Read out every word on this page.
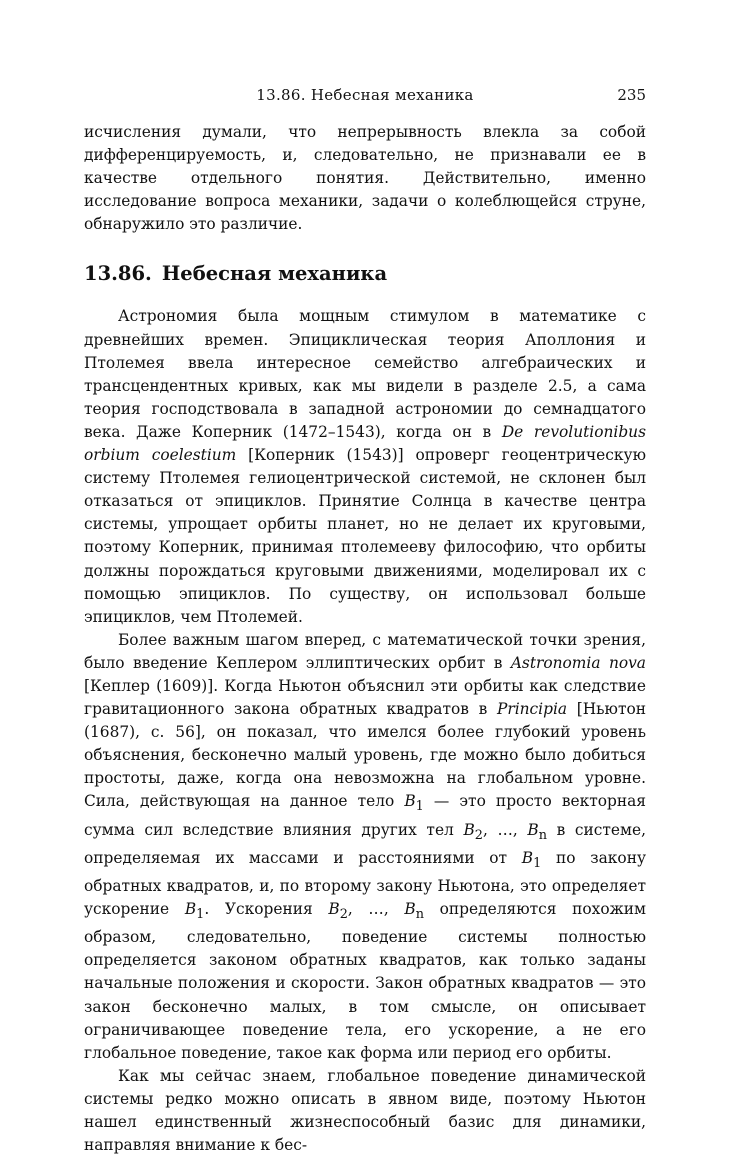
13.86. Небесная механика	235

исчисления думали, что непрерывность влекла за собой дифференцируемость, и, следовательно, не признавали ее в качестве отдельного понятия. Действительно, именно исследование вопроса механики, задачи о колеблющейся струне, обнаружило это различие.

13.86. Небесная механика

Астрономия была мощным стимулом в математике с древнейших времен. Эпициклическая теория Аполлония и Птолемея ввела интересное семейство алгебраических и трансцендентных кривых, как мы видели в разделе 2.5, а сама теория господствовала в западной астрономии до семнадцатого века. Даже Коперник (1472–1543), когда он в De revolutionibus orbium coelestium [Коперник (1543)] опроверг геоцентрическую систему Птолемея гелиоцентрической системой, не склонен был отказаться от эпициклов. Принятие Солнца в качестве центра системы, упрощает орбиты планет, но не делает их круговыми, поэтому Коперник, принимая птолемееву философию, что орбиты должны порождаться круговыми движениями, моделировал их с помощью эпициклов. По существу, он использовал больше эпициклов, чем Птолемей.

Более важным шагом вперед, с математической точки зрения, было введение Кеплером эллиптических орбит в Astronomia nova [Кеплер (1609)]. Когда Ньютон объяснил эти орбиты как следствие гравитационного закона обратных квадратов в Principia [Ньютон (1687), с. 56], он показал, что имелся более глубокий уровень объяснения, бесконечно малый уровень, где можно было добиться простоты, даже, когда она невозможна на глобальном уровне. Сила, действующая на данное тело $B_1$ — это просто векторная сумма сил вследствие влияния других тел $B_2$, …, $B_n$ в системе, определяемая их массами и расстояниями от $B_1$ по закону обратных квадратов, и, по второму закону Ньютона, это определяет ускорение $B_1$. Ускорения $B_2$, …, $B_n$ определяются похожим образом, следовательно, поведение системы полностью определяется законом обратных квадратов, как только заданы начальные положения и скорости. Закон обратных квадратов — это закон бесконечно малых, в том смысле, он описывает ограничивающее поведение тела, его ускорение, а не его глобальное поведение, такое как форма или период его орбиты.

Как мы сейчас знаем, глобальное поведение динамической системы редко можно описать в явном виде, поэтому Ньютон нашел единственный жизнеспособный базис для динамики, направляя внимание к бес-
